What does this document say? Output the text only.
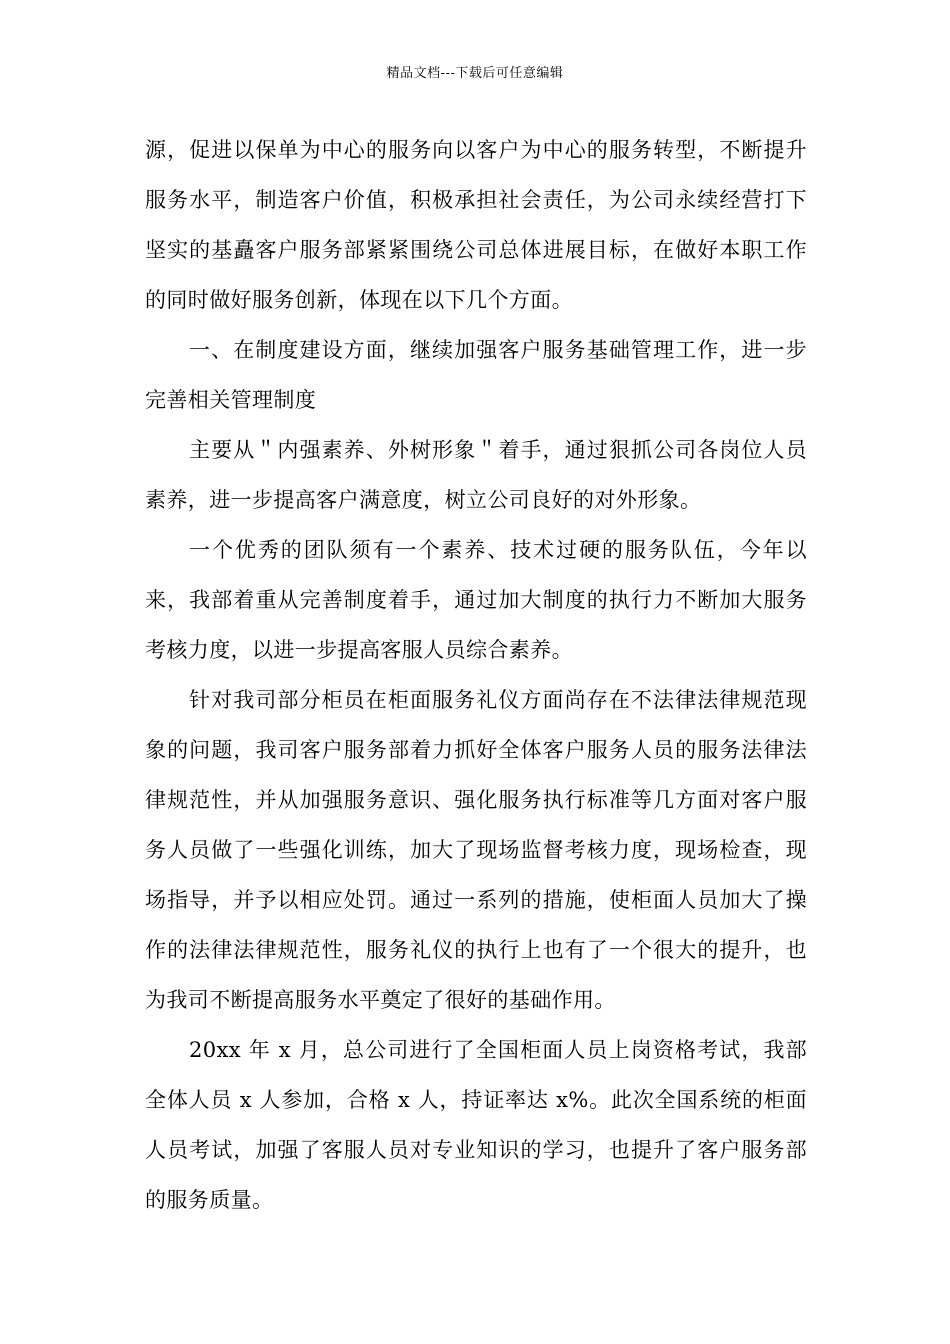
精品文档---下载后可任意编辑

源，促进以保单为中心的服务向以客户为中心的服务转型，不断提升服务水平，制造客户价值，积极承担社会责任，为公司永续经营打下坚实的基矗客户服务部紧紧围绕公司总体进展目标，在做好本职工作的同时做好服务创新，体现在以下几个方面。

一、在制度建设方面，继续加强客户服务基础管理工作，进一步完善相关管理制度

主要从＂内强素养、外树形象＂着手，通过狠抓公司各岗位人员素养，进一步提高客户满意度，树立公司良好的对外形象。

一个优秀的团队须有一个素养、技术过硬的服务队伍，今年以来，我部着重从完善制度着手，通过加大制度的执行力不断加大服务考核力度，以进一步提高客服人员综合素养。

针对我司部分柜员在柜面服务礼仪方面尚存在不法律法律规范现象的问题，我司客户服务部着力抓好全体客户服务人员的服务法律法律规范性，并从加强服务意识、强化服务执行标准等几方面对客户服务人员做了一些强化训练，加大了现场监督考核力度，现场检查，现场指导，并予以相应处罚。通过一系列的措施，使柜面人员加大了操作的法律法律规范性，服务礼仪的执行上也有了一个很大的提升，也为我司不断提高服务水平奠定了很好的基础作用。

20xx 年 x 月，总公司进行了全国柜面人员上岗资格考试，我部全体人员 x 人参加，合格 x 人，持证率达 x%。此次全国系统的柜面人员考试，加强了客服人员对专业知识的学习，也提升了客户服务部的服务质量。
